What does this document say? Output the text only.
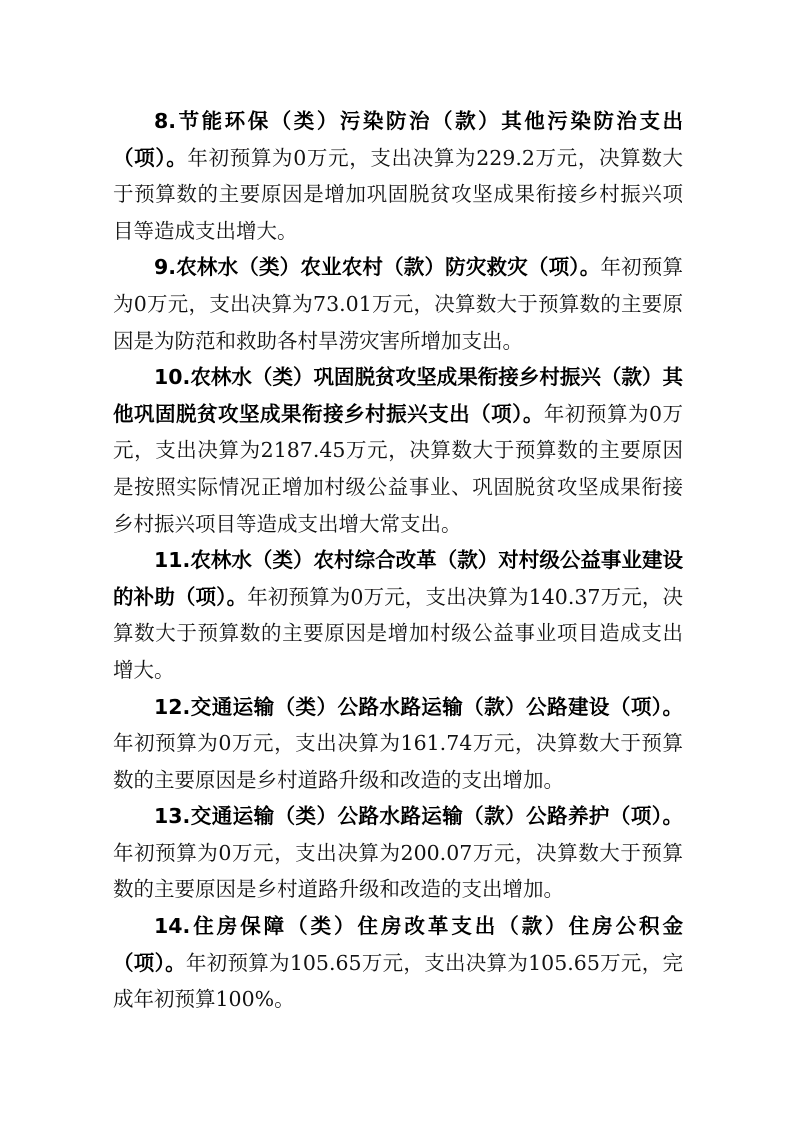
8.节能环保（类）污染防治（款）其他污染防治支出（项）。年初预算为0万元，支出决算为229.2万元，决算数大于预算数的主要原因是增加巩固脱贫攻坚成果衔接乡村振兴项目等造成支出增大。

9.农林水（类）农业农村（款）防灾救灾（项）。年初预算为0万元，支出决算为73.01万元，决算数大于预算数的主要原因是为防范和救助各村旱涝灾害所增加支出。

10.农林水（类）巩固脱贫攻坚成果衔接乡村振兴（款）其他巩固脱贫攻坚成果衔接乡村振兴支出（项）。年初预算为0万元，支出决算为2187.45万元，决算数大于预算数的主要原因是按照实际情况正增加村级公益事业、巩固脱贫攻坚成果衔接乡村振兴项目等造成支出增大常支出。

11.农林水（类）农村综合改革（款）对村级公益事业建设的补助（项）。年初预算为0万元，支出决算为140.37万元，决算数大于预算数的主要原因是增加村级公益事业项目造成支出增大。

12.交通运输（类）公路水路运输（款）公路建设（项）。年初预算为0万元，支出决算为161.74万元，决算数大于预算数的主要原因是乡村道路升级和改造的支出增加。

13.交通运输（类）公路水路运输（款）公路养护（项）。年初预算为0万元，支出决算为200.07万元，决算数大于预算数的主要原因是乡村道路升级和改造的支出增加。

14.住房保障（类）住房改革支出（款）住房公积金（项）。年初预算为105.65万元，支出决算为105.65万元，完成年初预算100%。
